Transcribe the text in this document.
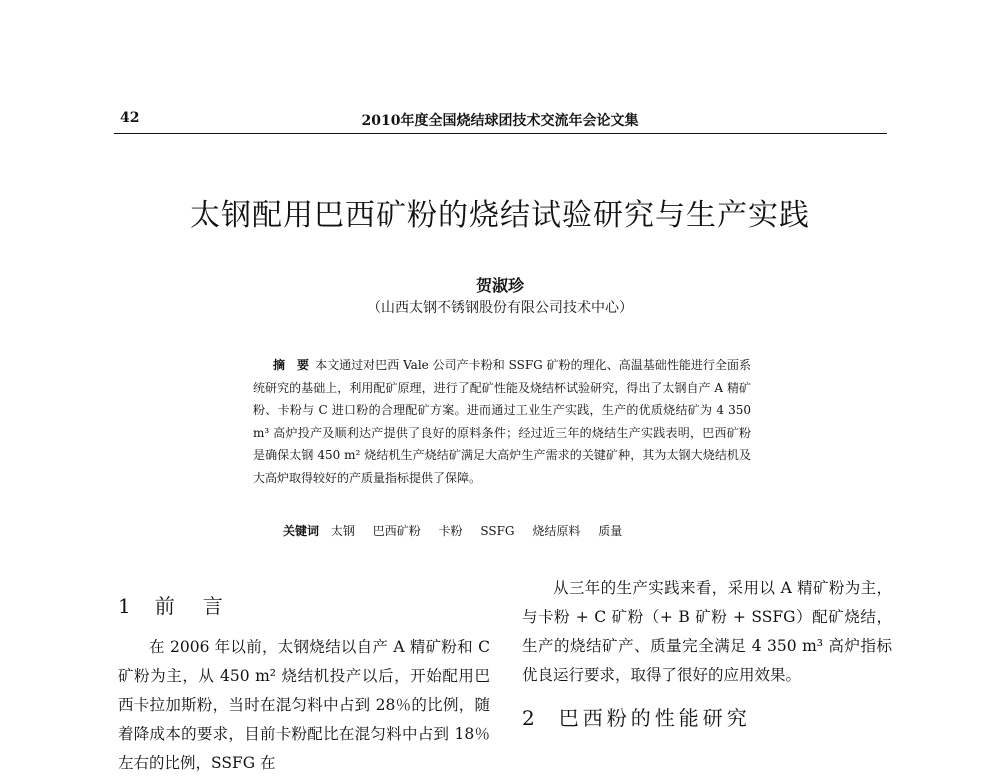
42	2010年度全国烧结球团技术交流年会论文集
太钢配用巴西矿粉的烧结试验研究与生产实践
贺淑珍
（山西太钢不锈钢股份有限公司技术中心）
摘　要 本文通过对巴西 Vale 公司产卡粉和 SSFG 矿粉的理化、高温基础性能进行全面系统研究的基础上，利用配矿原理，进行了配矿性能及烧结杯试验研究，得出了太钢自产 A 精矿粉、卡粉与 C 进口粉的合理配矿方案。进而通过工业生产实践，生产的优质烧结矿为 4 350 m³ 高炉投产及顺利达产提供了良好的原料条件；经过近三年的烧结生产实践表明，巴西矿粉是确保太钢 450 m² 烧结机生产烧结矿满足大高炉生产需求的关键矿种，其为太钢大烧结机及大高炉取得较好的产质量指标提供了保障。
关键词 太钢 巴西矿粉 卡粉 SSFG 烧结原料 质量
1 前　言

在 2006 年以前，太钢烧结以自产 A 精矿粉和 C 矿粉为主，从 450 m² 烧结机投产以后，开始配用巴西卡拉加斯粉，当时在混匀料中占到 28％的比例，随着降成本的要求，目前卡粉配比在混匀料中占到 18％左右的比例，SSFG 在

从三年的生产实践来看，采用以 A 精矿粉为主，与卡粉 + C 矿粉（+ B 矿粉 + SSFG）配矿烧结，生产的烧结矿产、质量完全满足 4 350 m³ 高炉指标优良运行要求，取得了很好的应用效果。

2 巴西粉的性能研究
